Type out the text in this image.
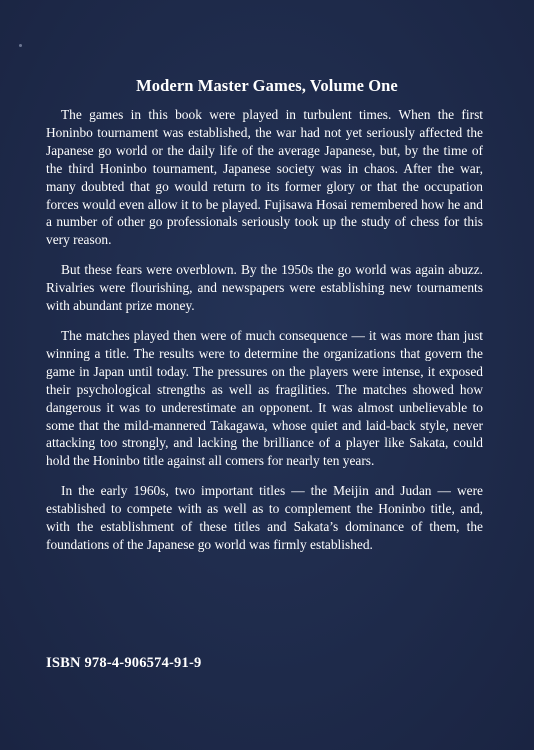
Modern Master Games, Volume One

The games in this book were played in turbulent times. When the first Honinbo tournament was established, the war had not yet seriously affected the Japanese go world or the daily life of the average Japanese, but, by the time of the third Honinbo tournament, Japanese society was in chaos. After the war, many doubted that go would return to its former glory or that the occupation forces would even allow it to be played. Fujisawa Hosai remembered how he and a number of other go professionals seriously took up the study of chess for this very reason.

But these fears were overblown. By the 1950s the go world was again abuzz. Rivalries were flourishing, and newspapers were establishing new tournaments with abundant prize money.

The matches played then were of much consequence — it was more than just winning a title. The results were to determine the organizations that govern the game in Japan until today. The pressures on the players were intense, it exposed their psychological strengths as well as fragilities. The matches showed how dangerous it was to underestimate an opponent. It was almost unbelievable to some that the mild-mannered Takagawa, whose quiet and laid-back style, never attacking too strongly, and lacking the brilliance of a player like Sakata, could hold the Honinbo title against all comers for nearly ten years.

In the early 1960s, two important titles — the Meijin and Judan — were established to compete with as well as to complement the Honinbo title, and, with the establishment of these titles and Sakata’s dominance of them, the foundations of the Japanese go world was firmly established.

ISBN 978-4-906574-91-9
